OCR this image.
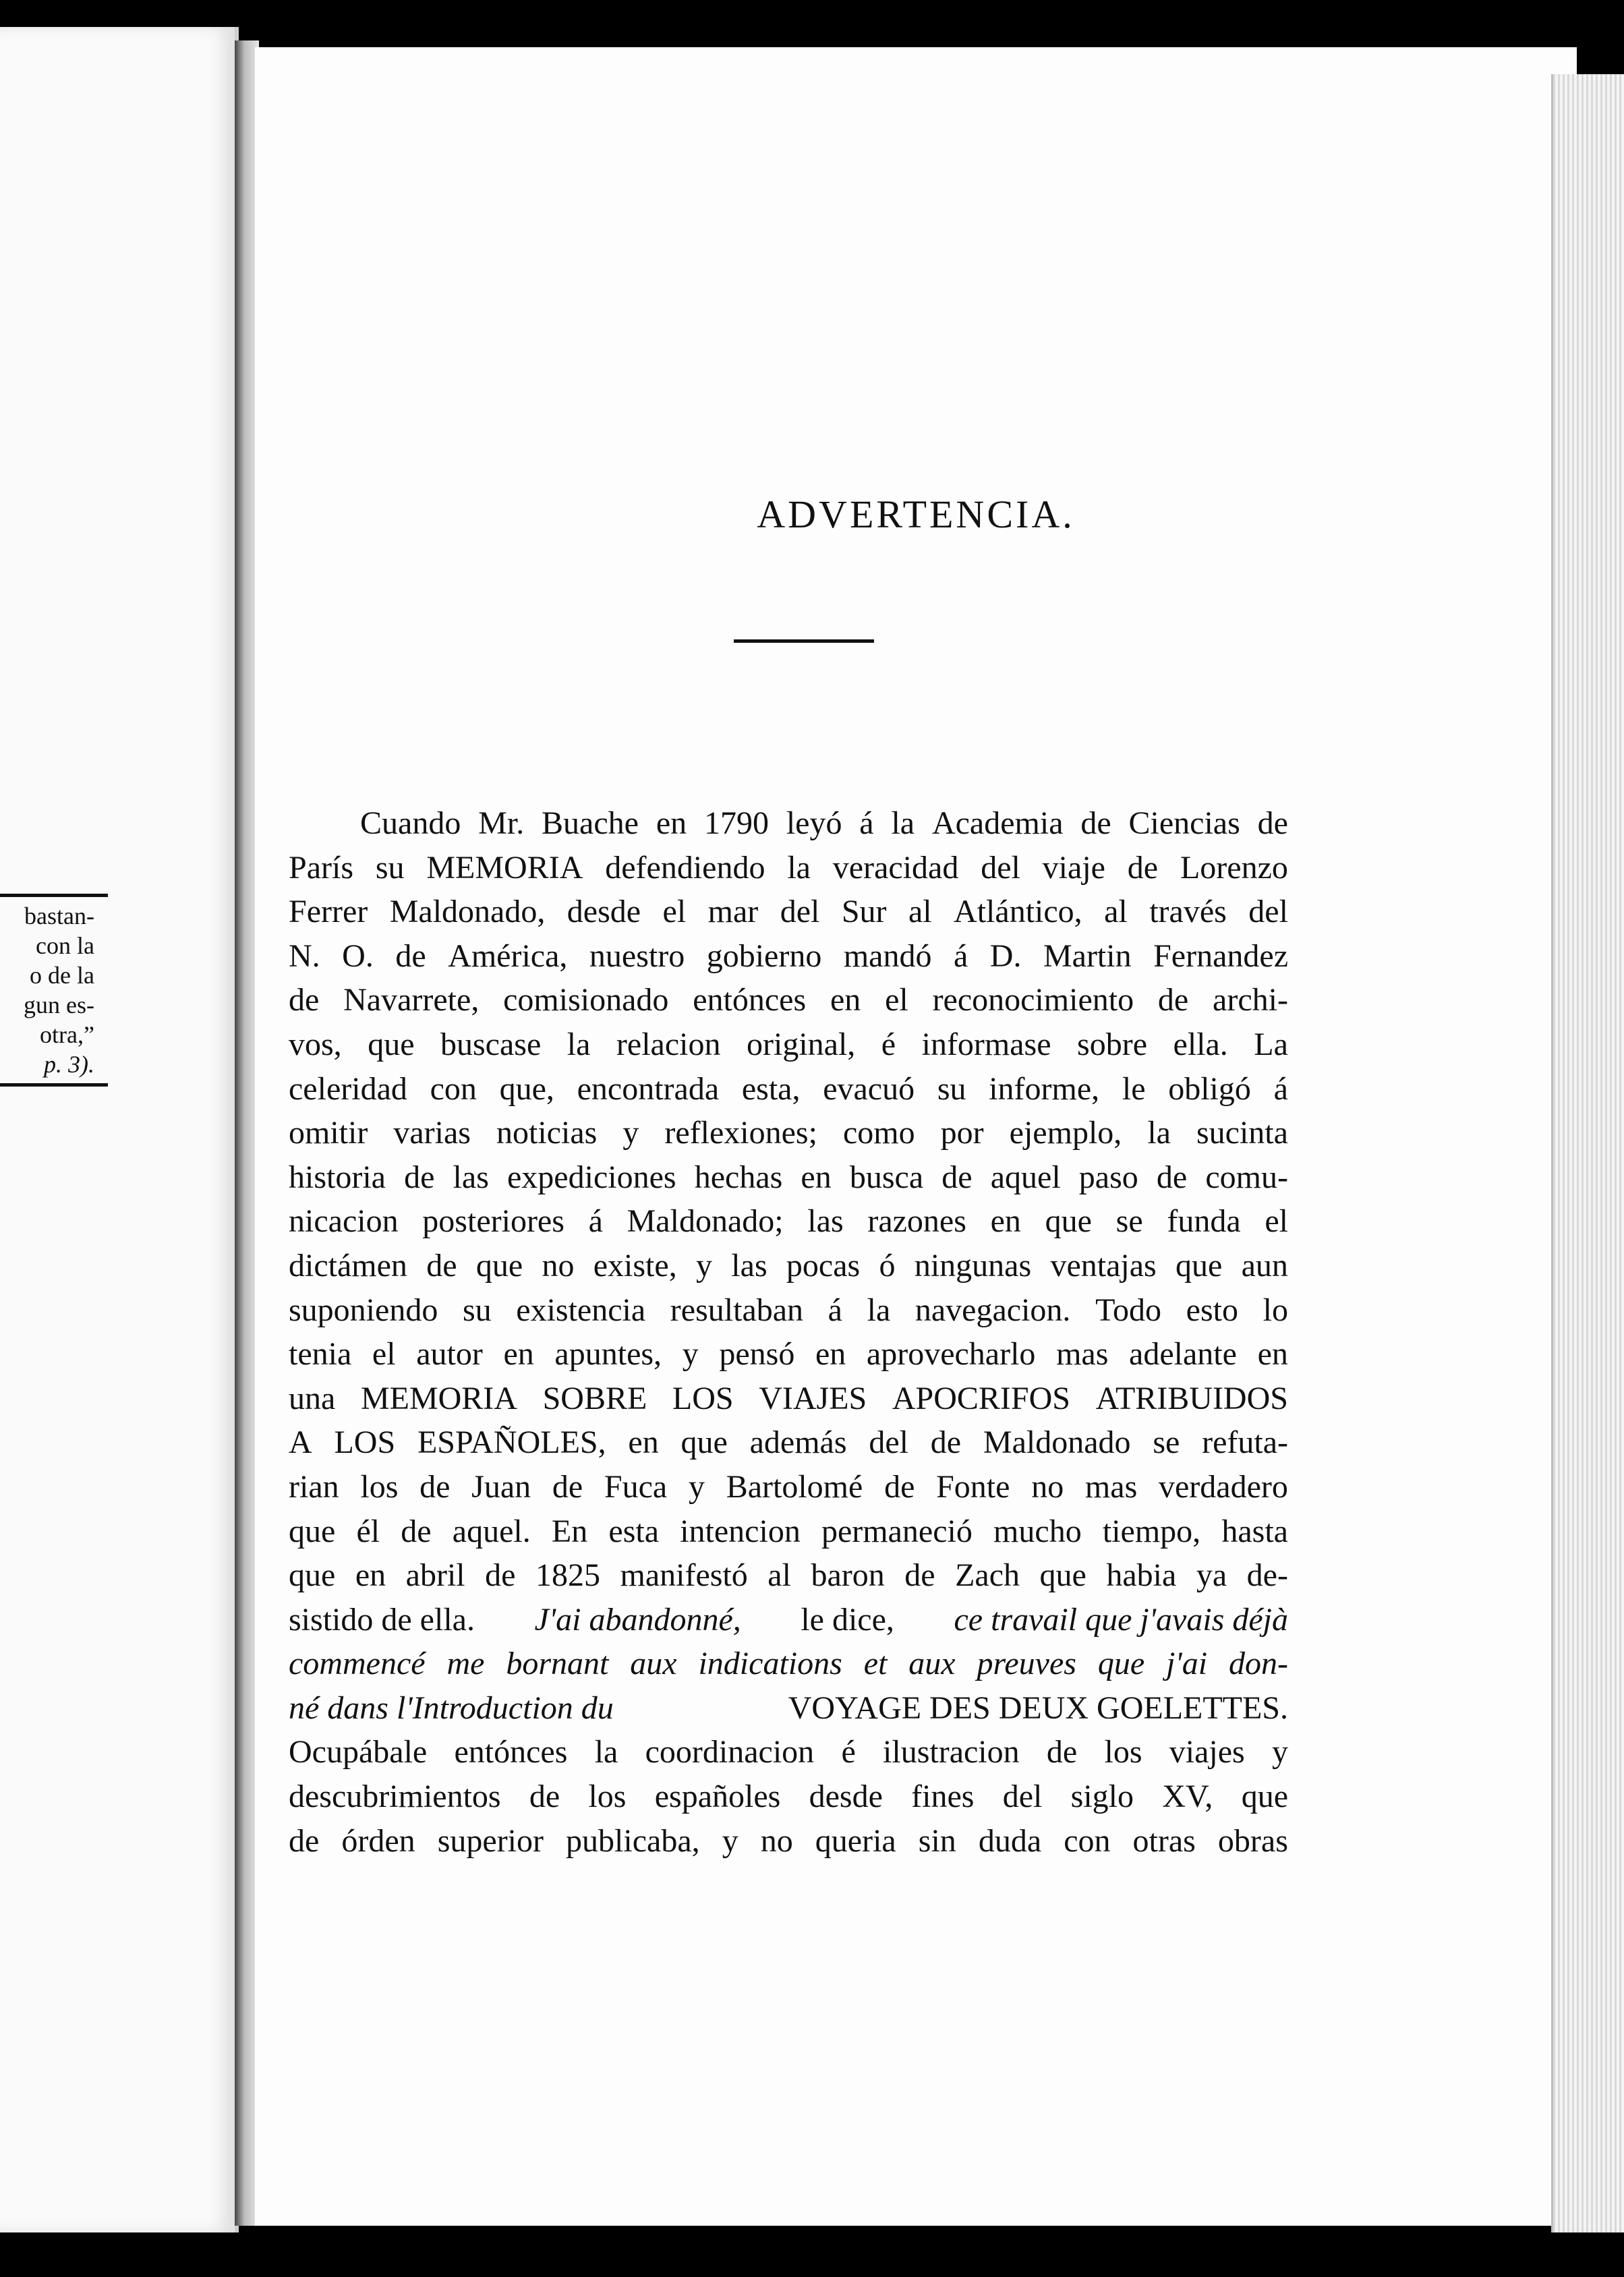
bastan-
con la
o de la
gun es-
otra,”
p. 3).
ADVERTENCIA.
Cuando Mr. Buache en 1790 leyó á la Academia de Ciencias de
París su MEMORIA defendiendo la veracidad del viaje de Lorenzo
Ferrer Maldonado, desde el mar del Sur al Atlántico, al través del
N. O. de América, nuestro gobierno mandó á D. Martin Fernandez
de Navarrete, comisionado entónces en el reconocimiento de archi-
vos, que buscase la relacion original, é informase sobre ella. La
celeridad con que, encontrada esta, evacuó su informe, le obligó á
omitir varias noticias y reflexiones; como por ejemplo, la sucinta
historia de las expediciones hechas en busca de aquel paso de comu-
nicacion posteriores á Maldonado; las razones en que se funda el
dictámen de que no existe, y las pocas ó ningunas ventajas que aun
suponiendo su existencia resultaban á la navegacion. Todo esto lo
tenia el autor en apuntes, y pensó en aprovecharlo mas adelante en
una MEMORIA SOBRE LOS VIAJES APOCRIFOS ATRIBUIDOS
A LOS ESPAÑOLES, en que además del de Maldonado se refuta-
rian los de Juan de Fuca y Bartolomé de Fonte no mas verdadero
que él de aquel. En esta intencion permaneció mucho tiempo, hasta
que en abril de 1825 manifestó al baron de Zach que habia ya de-
sistido de ella. J'ai abandonné, le dice, ce travail que j'avais déjà
commencé me bornant aux indications et aux preuves que j'ai don-
né dans l'Introduction du	VOYAGE DES DEUX GOELETTES.
Ocupábale entónces la coordinacion é ilustracion de los viajes y
descubrimientos de los españoles desde fines del siglo XV, que
de órden superior publicaba, y no queria sin duda con otras obras
